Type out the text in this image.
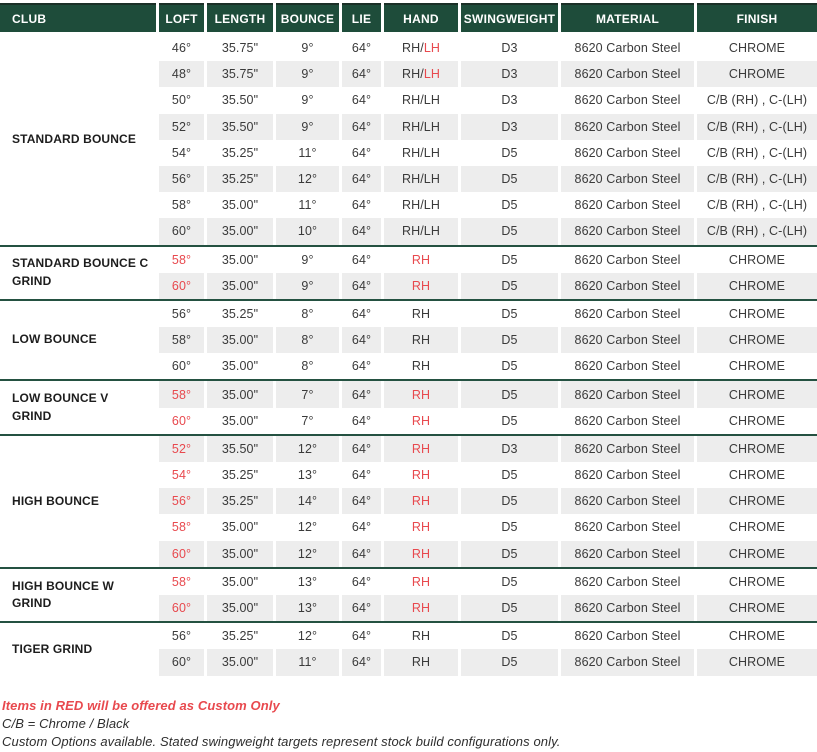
CLUB	LOFT	LENGTH	BOUNCE	LIE	HAND	SWINGWEIGHT	MATERIAL	FINISH
STANDARD BOUNCE
46°	35.75"	9°	64°	RH/ LH	D3	8620 Carbon Steel	CHROME
48°	35.75"	9°	64°	RH/ LH	D3	8620 Carbon Steel	CHROME
50°	35.50"	9°	64°	RH/LH	D3	8620 Carbon Steel	C/B (RH) , C-(LH)
52°	35.50"	9°	64°	RH/LH	D3	8620 Carbon Steel	C/B (RH) , C-(LH)
54°	35.25"	11°	64°	RH/LH	D5	8620 Carbon Steel	C/B (RH) , C-(LH)
56°	35.25"	12°	64°	RH/LH	D5	8620 Carbon Steel	C/B (RH) , C-(LH)
58°	35.00"	11°	64°	RH/LH	D5	8620 Carbon Steel	C/B (RH) , C-(LH)
60°	35.00"	10°	64°	RH/LH	D5	8620 Carbon Steel	C/B (RH) , C-(LH)
STANDARD BOUNCE C GRIND
58°	35.00"	9°	64°	RH	D5	8620 Carbon Steel	CHROME
60°	35.00"	9°	64°	RH	D5	8620 Carbon Steel	CHROME
LOW BOUNCE
56°	35.25"	8°	64°	RH	D5	8620 Carbon Steel	CHROME
58°	35.00"	8°	64°	RH	D5	8620 Carbon Steel	CHROME
60°	35.00"	8°	64°	RH	D5	8620 Carbon Steel	CHROME
LOW BOUNCE V GRIND
58°	35.00"	7°	64°	RH	D5	8620 Carbon Steel	CHROME
60°	35.00"	7°	64°	RH	D5	8620 Carbon Steel	CHROME
HIGH BOUNCE
52°	35.50"	12°	64°	RH	D3	8620 Carbon Steel	CHROME
54°	35.25"	13°	64°	RH	D5	8620 Carbon Steel	CHROME
56°	35.25"	14°	64°	RH	D5	8620 Carbon Steel	CHROME
58°	35.00"	12°	64°	RH	D5	8620 Carbon Steel	CHROME
60°	35.00"	12°	64°	RH	D5	8620 Carbon Steel	CHROME
HIGH BOUNCE W GRIND
58°	35.00"	13°	64°	RH	D5	8620 Carbon Steel	CHROME
60°	35.00"	13°	64°	RH	D5	8620 Carbon Steel	CHROME
TIGER GRIND
56°	35.25"	12°	64°	RH	D5	8620 Carbon Steel	CHROME
60°	35.00"	11°	64°	RH	D5	8620 Carbon Steel	CHROME
Items in RED will be offered as Custom Only
C/B = Chrome / Black
Custom Options available. Stated swingweight targets represent stock build configurations only.
